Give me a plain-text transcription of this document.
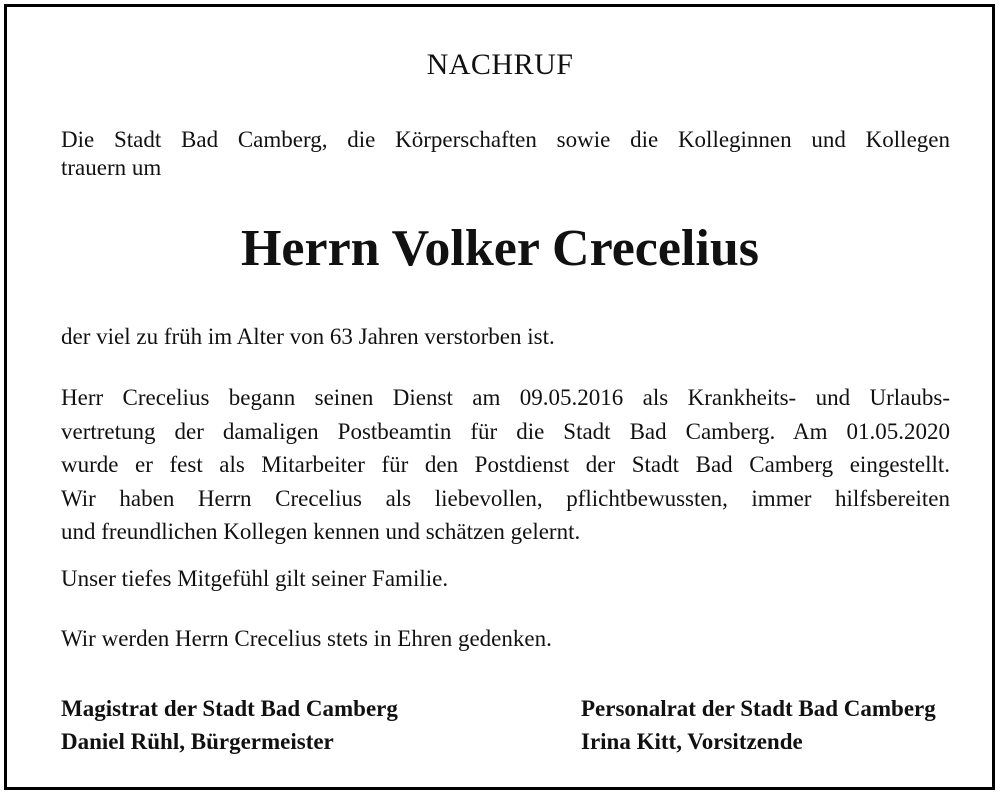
NACHRUF
Die Stadt Bad Camberg, die Körperschaften sowie die Kolleginnen und Kollegen
trauern um
Herrn Volker Crecelius
der viel zu früh im Alter von 63 Jahren verstorben ist.
Herr Crecelius begann seinen Dienst am 09.05.2016 als Krankheits- und Urlaubs-
vertretung der damaligen Postbeamtin für die Stadt Bad Camberg. Am 01.05.2020
wurde er fest als Mitarbeiter für den Postdienst der Stadt Bad Camberg eingestellt.
Wir haben Herrn Crecelius als liebevollen, pflichtbewussten, immer hilfsbereiten
und freundlichen Kollegen kennen und schätzen gelernt.
Unser tiefes Mitgefühl gilt seiner Familie.
Wir werden Herrn Crecelius stets in Ehren gedenken.
Magistrat der Stadt Bad Camberg
Daniel Rühl, Bürgermeister
Personalrat der Stadt Bad Camberg
Irina Kitt, Vorsitzende
